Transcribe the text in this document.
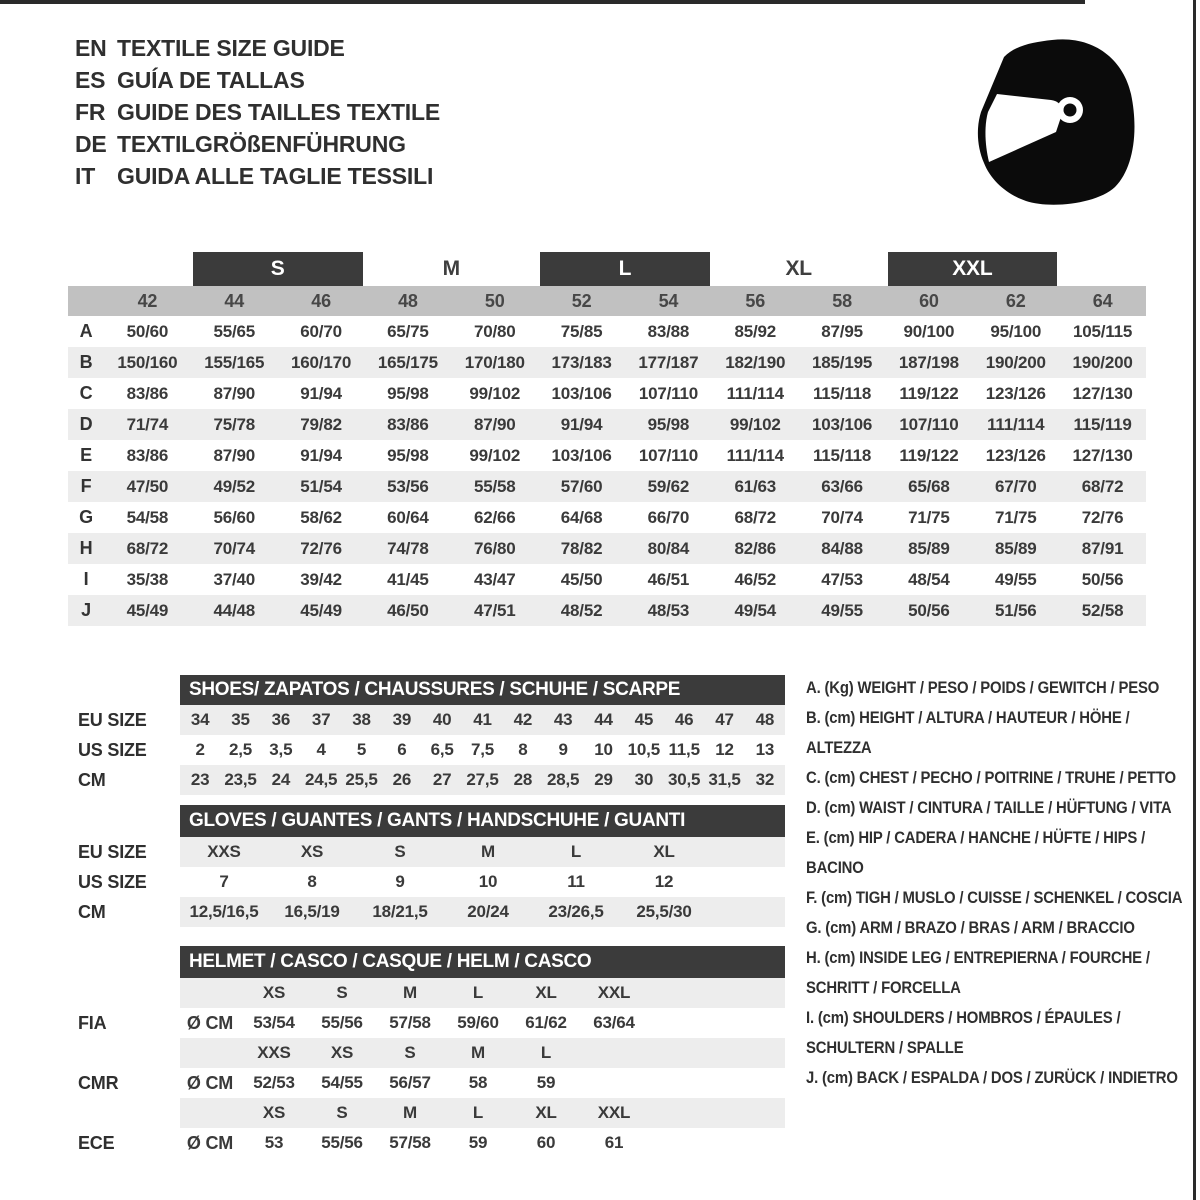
EN TEXTILE SIZE GUIDE
ES GUÍA DE TALLAS
FR GUIDE DES TAILLES TEXTILE
DE TEXTILGRÖßENFÜHRUNG
IT GUIDA ALLE TAGLIE TESSILI
S	M	L	XL	XXL
42	44	46	48	50	52	54	56	58	60	62	64
A	50/60	55/65	60/70	65/75	70/80	75/85	83/88	85/92	87/95	90/100	95/100	105/115
B	150/160	155/165	160/170	165/175	170/180	173/183	177/187	182/190	185/195	187/198	190/200	190/200
C	83/86	87/90	91/94	95/98	99/102	103/106	107/110	111/114	115/118	119/122	123/126	127/130
D	71/74	75/78	79/82	83/86	87/90	91/94	95/98	99/102	103/106	107/110	111/114	115/119
E	83/86	87/90	91/94	95/98	99/102	103/106	107/110	111/114	115/118	119/122	123/126	127/130
F	47/50	49/52	51/54	53/56	55/58	57/60	59/62	61/63	63/66	65/68	67/70	68/72
G	54/58	56/60	58/62	60/64	62/66	64/68	66/70	68/72	70/74	71/75	71/75	72/76
H	68/72	70/74	72/76	74/78	76/80	78/82	80/84	82/86	84/88	85/89	85/89	87/91
I	35/38	37/40	39/42	41/45	43/47	45/50	46/51	46/52	47/53	48/54	49/55	50/56
J	45/49	44/48	45/49	46/50	47/51	48/52	48/53	49/54	49/55	50/56	51/56	52/58
SHOES/ ZAPATOS / CHAUSSURES / SCHUHE / SCARPE
EU SIZE	34	35	36	37	38	39	40	41	42	43	44	45	46	47	48
US SIZE	2	2,5	3,5	4	5	6	6,5	7,5	8	9	10 10,5 11,5 12	13
CM	23 23,5 24 24,5 25,5 26	27 27,5 28 28,5 29	30 30,5 31,5 32
GLOVES / GUANTES / GANTS / HANDSCHUHE / GUANTI
EU SIZE	XXS	XS	S	M	L	XL
US SIZE	7	8	9	10	11	12
CM	12,5/16,5	16,5/19	18/21,5	20/24	23/26,5	25,5/30
HELMET / CASCO / CASQUE / HELM / CASCO
XS	S	M	L	XL	XXL
FIA	Ø CM	53/54	55/56	57/58	59/60	61/62	63/64
XXS	XS	S	M	L
CMR	Ø CM	52/53	54/55	56/57	58	59
XS	S	M	L	XL	XXL
ECE	Ø CM	53	55/56	57/58	59	60	61
A. (Kg) WEIGHT / PESO / POIDS / GEWITCH / PESO
B. (cm) HEIGHT / ALTURA / HAUTEUR / HÖHE / ALTEZZA
C. (cm) CHEST / PECHO / POITRINE / TRUHE / PETTO
D. (cm) WAIST / CINTURA / TAILLE / HÜFTUNG / VITA
E. (cm) HIP / CADERA / HANCHE / HÜFTE / HIPS / BACINO
F. (cm) TIGH / MUSLO / CUISSE / SCHENKEL / COSCIA
G. (cm) ARM / BRAZO / BRAS / ARM / BRACCIO
H. (cm) INSIDE LEG / ENTREPIERNA / FOURCHE / SCHRITT / FORCELLA
I. (cm) SHOULDERS / HOMBROS / ÉPAULES / SCHULTERN / SPALLE
J. (cm) BACK / ESPALDA / DOS / ZURÜCK / INDIETRO
